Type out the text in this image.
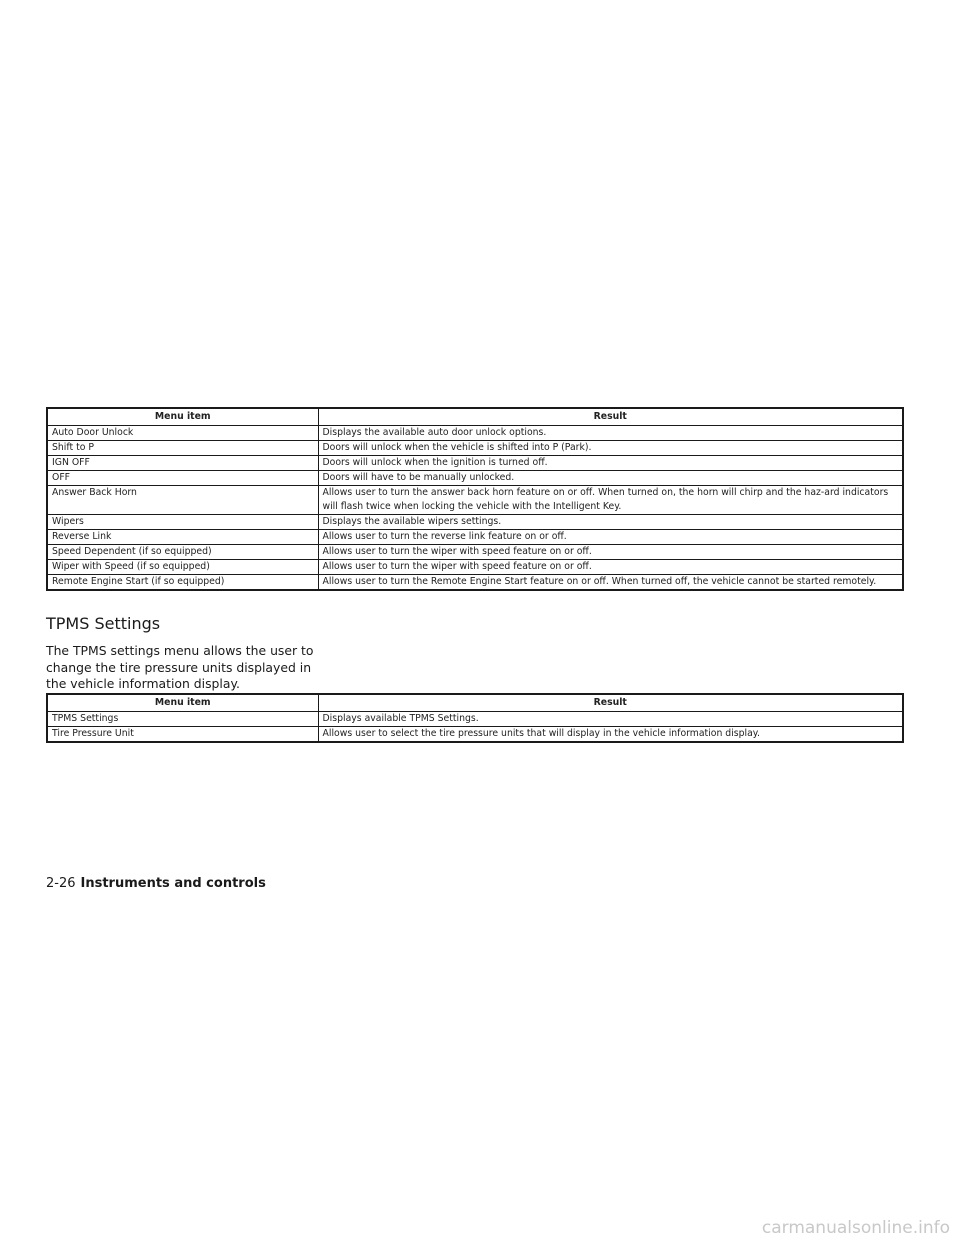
Menu item	Result
Auto Door Unlock	Displays the available auto door unlock options.
Shift to P	Doors will unlock when the vehicle is shifted into P (Park).
IGN OFF	Doors will unlock when the ignition is turned off.
OFF	Doors will have to be manually unlocked.
Answer Back Horn	Allows user to turn the answer back horn feature on or off. When turned on, the horn will chirp and the haz-ard indicators will flash twice when locking the vehicle with the Intelligent Key.
Wipers	Displays the available wipers settings.
Reverse Link	Allows user to turn the reverse link feature on or off.
Speed Dependent (if so equipped)	Allows user to turn the wiper with speed feature on or off.
Wiper with Speed (if so equipped)	Allows user to turn the wiper with speed feature on or off.
Remote Engine Start (if so equipped)	Allows user to turn the Remote Engine Start feature on or off. When turned off, the vehicle cannot be started remotely.
TPMS Settings
The TPMS settings menu allows the user to change the tire pressure units displayed in the vehicle information display.
Menu item	Result
TPMS Settings	Displays available TPMS Settings.
Tire Pressure Unit	Allows user to select the tire pressure units that will display in the vehicle information display.
2-26 Instruments and controls
carmanualsonline.info
